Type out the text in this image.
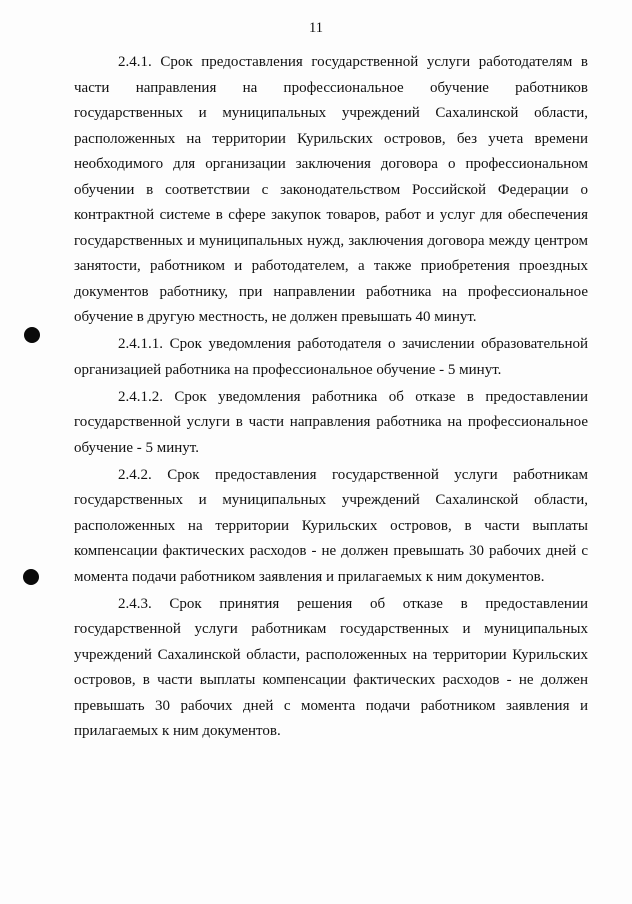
11

2.4.1. Срок предоставления государственной услуги работодателям в части направления на профессиональное обучение работников государственных и муниципальных учреждений Сахалинской области, расположенных на территории Курильских островов, без учета времени необходимого для организации заключения договора о профессиональном обучении в соответствии с законодательством Российской Федерации о контрактной системе в сфере закупок товаров, работ и услуг для обеспечения государственных и муниципальных нужд, заключения договора между центром занятости, работником и работодателем, а также приобретения проездных документов работнику, при направлении работника на профессиональное обучение в другую местность, не должен превышать 40 минут.

2.4.1.1. Срок уведомления работодателя о зачислении образовательной организацией работника на профессиональное обучение - 5 минут.

2.4.1.2. Срок уведомления работника об отказе в предоставлении государственной услуги в части направления работника на профессиональное обучение - 5 минут.

2.4.2. Срок предоставления государственной услуги работникам государственных и муниципальных учреждений Сахалинской области, расположенных на территории Курильских островов, в части выплаты компенсации фактических расходов - не должен превышать 30 рабочих дней с момента подачи работником заявления и прилагаемых к ним документов.

2.4.3. Срок принятия решения об отказе в предоставлении государственной услуги работникам государственных и муниципальных учреждений Сахалинской области, расположенных на территории Курильских островов, в части выплаты компенсации фактических расходов - не должен превышать 30 рабочих дней с момента подачи работником заявления и прилагаемых к ним документов.
